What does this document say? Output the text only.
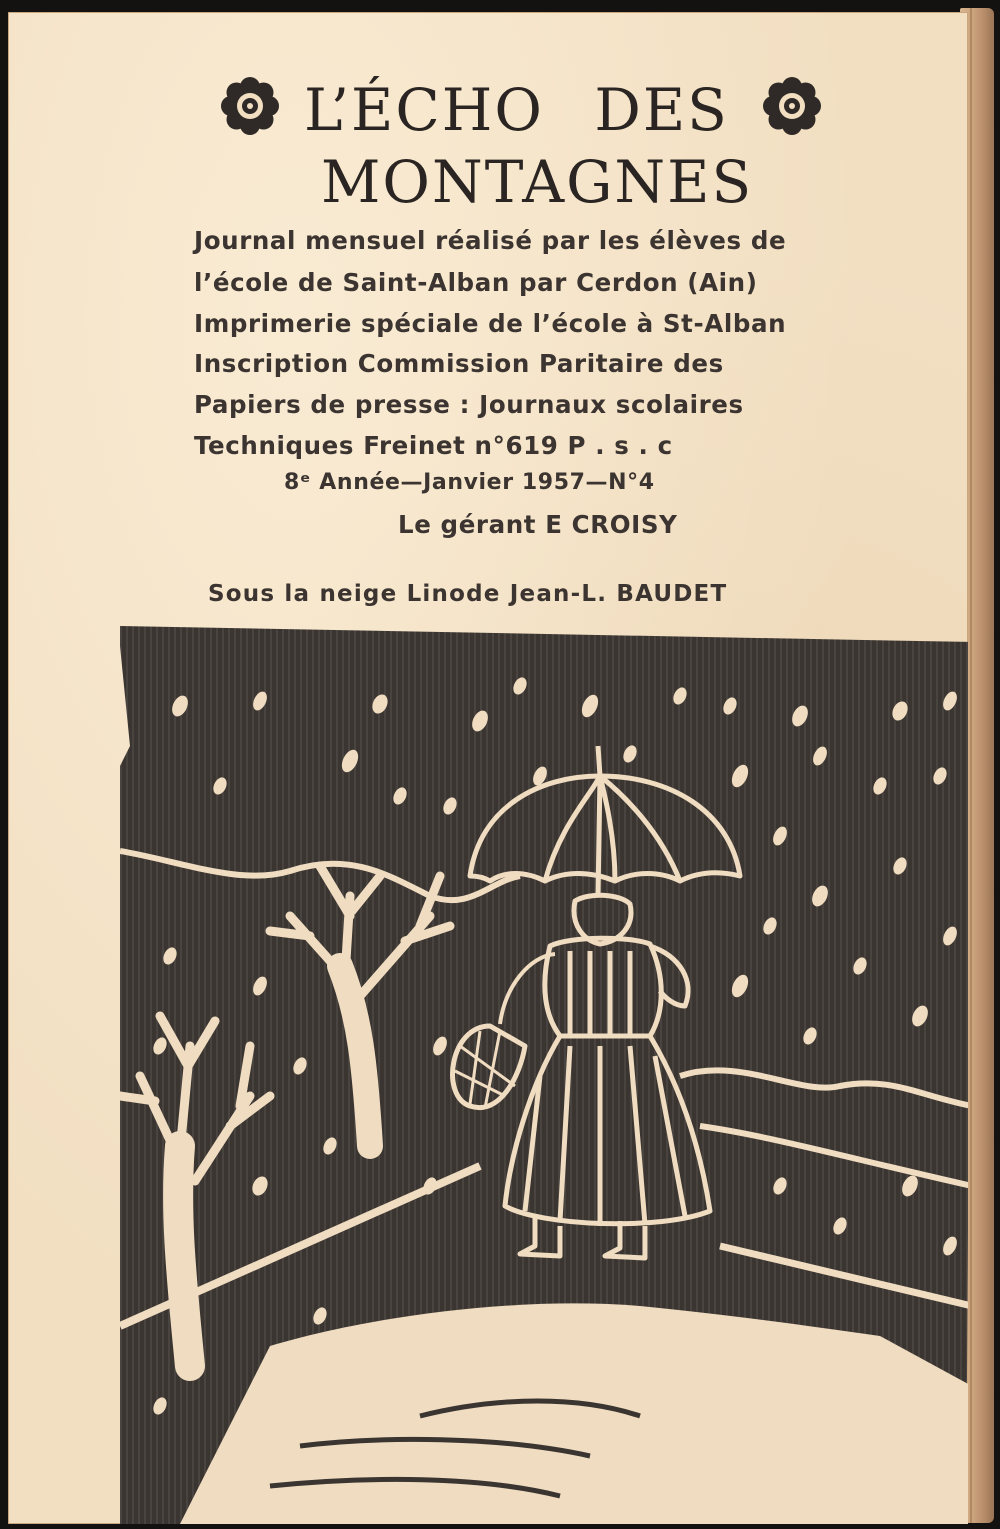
L’ÉCHO DES
MONTAGNES

Journal mensuel réalisé par les élèves de

l’école de Saint-Alban par Cerdon (Ain)

Imprimerie spéciale de l’école à St-Alban

Inscription Commission Paritaire des

Papiers de presse : Journaux scolaires

Techniques Freinet n°619 P . s . c

8ᵉ Année—Janvier 1957—N°4

Le gérant E CROISY

Sous la neige Linode Jean-L. BAUDET
